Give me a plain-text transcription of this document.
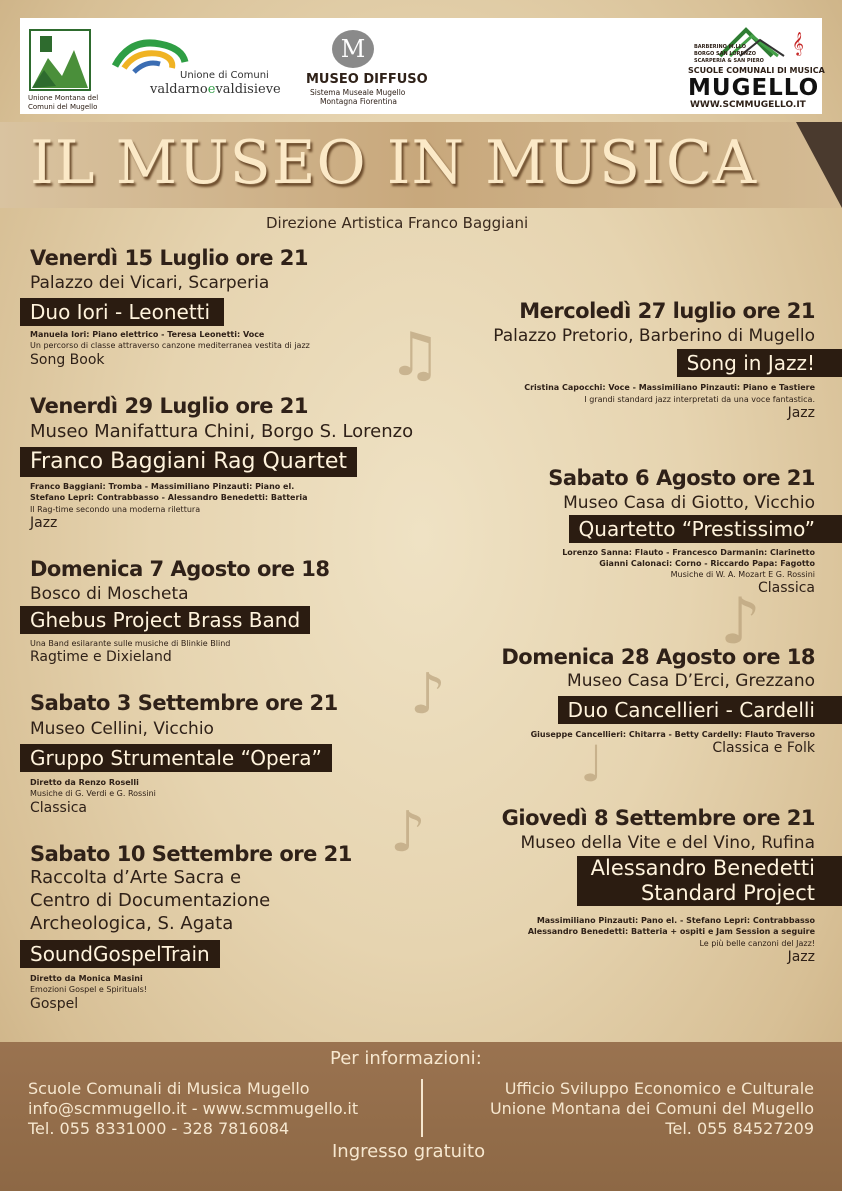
♫
♪
♪
♩
♪
Unione Montana del
Comuni del Mugello
Unione di Comuni
valdarnoevaldisieve
M
MUSEO DIFFUSO
Sistema Museale Mugello
Montagna Fiorentina
𝄞
BARBERINO M.LLO
BORGO SAN LORENZO
SCARPERIA & SAN PIERO
SCUOLE COMUNALI DI MUSICA
MUGELLO
WWW.SCMMUGELLO.IT
IL MUSEO IN MUSICA
Direzione Artistica Franco Baggiani
Venerdì 15 Luglio ore 21
Palazzo dei Vicari, Scarperia
Duo Iori - Leonetti
Manuela Iori: Piano elettrico - Teresa Leonetti: Voce
Un percorso di classe attraverso canzone mediterranea vestita di jazz
Song Book
Venerdì 29 Luglio ore 21
Museo Manifattura Chini, Borgo S. Lorenzo
Franco Baggiani Rag Quartet
Franco Baggiani: Tromba - Massimiliano Pinzauti: Piano el.
Stefano Lepri: Contrabbasso - Alessandro Benedetti: Batteria
Il Rag-time secondo una moderna rilettura
Jazz
Domenica 7 Agosto ore 18
Bosco di Moscheta
Ghebus Project Brass Band
Una Band esilarante sulle musiche di Blinkie Blind
Ragtime e Dixieland
Sabato 3 Settembre ore 21
Museo Cellini, Vicchio
Gruppo Strumentale “Opera”
Diretto da Renzo Roselli
Musiche di G. Verdi e G. Rossini
Classica
Sabato 10 Settembre ore 21
Raccolta d’Arte Sacra e
Centro di Documentazione
Archeologica, S. Agata
SoundGospelTrain
Diretto da Monica Masini
Emozioni Gospel e Spirituals!
Gospel
Mercoledì 27 luglio ore 21
Palazzo Pretorio, Barberino di Mugello
Song in Jazz!
Cristina Capocchi: Voce - Massimiliano Pinzauti: Piano e Tastiere
I grandi standard jazz interpretati da una voce fantastica.
Jazz
Sabato 6 Agosto ore 21
Museo Casa di Giotto, Vicchio
Quartetto “Prestissimo”
Lorenzo Sanna: Flauto - Francesco Darmanin: Clarinetto
Gianni Calonaci: Corno - Riccardo Papa: Fagotto
Musiche di W. A. Mozart E G. Rossini
Classica
Domenica 28 Agosto ore 18
Museo Casa D’Erci, Grezzano
Duo Cancellieri - Cardelli
Giuseppe Cancellieri: Chitarra - Betty Cardelly: Flauto Traverso
Classica e Folk
Giovedì 8 Settembre ore 21
Museo della Vite e del Vino, Rufina
Alessandro Benedetti
Standard Project
Massimiliano Pinzauti: Pano el. - Stefano Lepri: Contrabbasso
Alessandro Benedetti: Batteria + ospiti e Jam Session a seguire
Le più belle canzoni del Jazz!
Jazz
Per informazioni:
Scuole Comunali di Musica Mugello
info@scmmugello.it - www.scmmugello.it
Tel. 055 8331000 - 328 7816084
Ufficio Sviluppo Economico e Culturale
Unione Montana dei Comuni del Mugello
Tel. 055 84527209
Ingresso gratuito
